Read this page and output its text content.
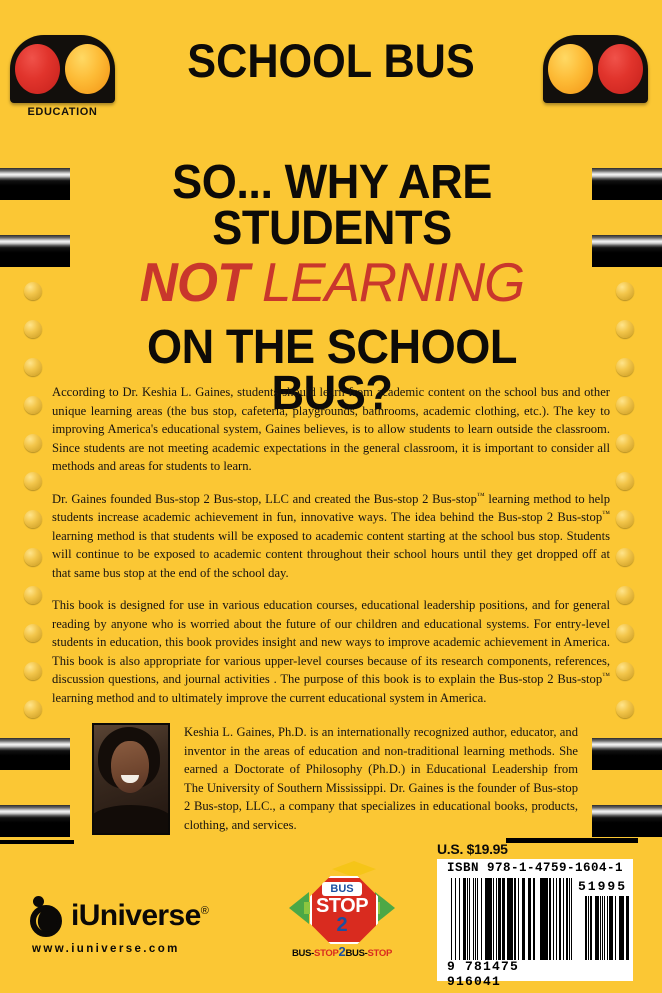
EDUCATION
SCHOOL BUS
SO... WHY ARE STUDENTS
NOT LEARNING
ON THE SCHOOL BUS?

According to Dr. Keshia L. Gaines, students should learn from academic content on the school bus and other unique learning areas (the bus stop, cafeteria, playgrounds, bathrooms, academic clothing, etc.). The key to improving America's educational system, Gaines believes, is to allow students to learn outside the classroom. Since students are not meeting academic expectations in the general classroom, it is important to consider all methods and areas for students to learn.

Dr. Gaines founded Bus-stop 2 Bus-stop, LLC and created the Bus-stop 2 Bus-stop™ learning method to help students increase academic achievement in fun, innovative ways. The idea behind the Bus-stop 2 Bus-stop™ learning method is that students will be exposed to academic content starting at the school bus stop. Students will continue to be exposed to academic content throughout their school hours until they get dropped off at that same bus stop at the end of the school day.

This book is designed for use in various education courses, educational leadership positions, and for general reading by anyone who is worried about the future of our children and educational systems. For entry-level students in education, this book provides insight and new ways to improve academic achievement in America. This book is also appropriate for various upper-level courses because of its research components, references, discussion questions, and journal activities . The purpose of this book is to explain the Bus-stop 2 Bus-stop™ learning method and to ultimately improve the current educational system in America.

Keshia L. Gaines, Ph.D. is an internationally recognized author, educator, and inventor in the areas of education and non-traditional learning methods. She earned a Doctorate of Philosophy (Ph.D.) in Educational Leadership from The University of Southern Mississippi. Dr. Gaines is the founder of Bus-stop 2 Bus-stop, LLC., a company that specializes in educational books, products, clothing, and services.
iUniverse®
www.iuniverse.com
BUS
STOP
2
BUS-STOP2BUS-STOP
U.S. $19.95
ISBN 978-1-4759-1604-1
51995
9 781475 916041
